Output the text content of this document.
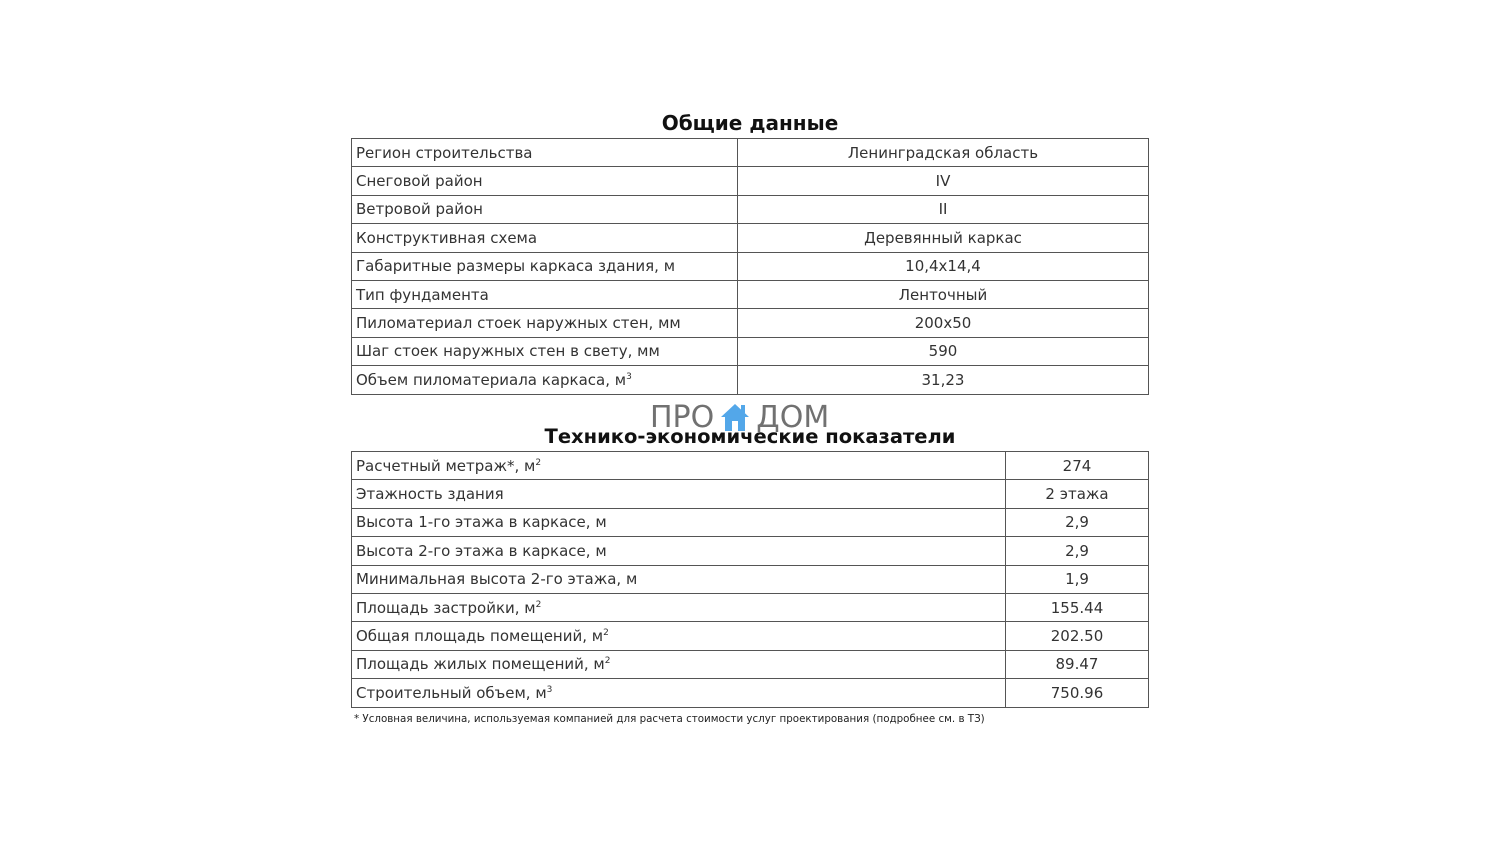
Общие данные
Регион строительства	Ленинградская область
Снеговой район	IV
Ветровой район	II
Конструктивная схема	Деревянный каркас
Габаритные размеры каркаса здания, м	10,4x14,4
Тип фундамента	Ленточный
Пиломатериал стоек наружных стен, мм	200x50
Шаг стоек наружных стен в свету, мм	590
Объем пиломатериала каркаса, $м^3$	31,23
ПРО ДОМ
Технико-экономические показатели
Расчетный метраж*, $м^2$	274
Этажность здания	2 этажа
Высота 1-го этажа в каркасе, м	2,9
Высота 2-го этажа в каркасе, м	2,9
Минимальная высота 2-го этажа, м	1,9
Площадь застройки, $м^2$	155.44
Общая площадь помещений, $м^2$	202.50
Площадь жилых помещений, $м^2$	89.47
Строительный объем, $м^3$	750.96
* Условная величина, используемая компанией для расчета стоимости услуг проектирования (подробнее см. в ТЗ)
